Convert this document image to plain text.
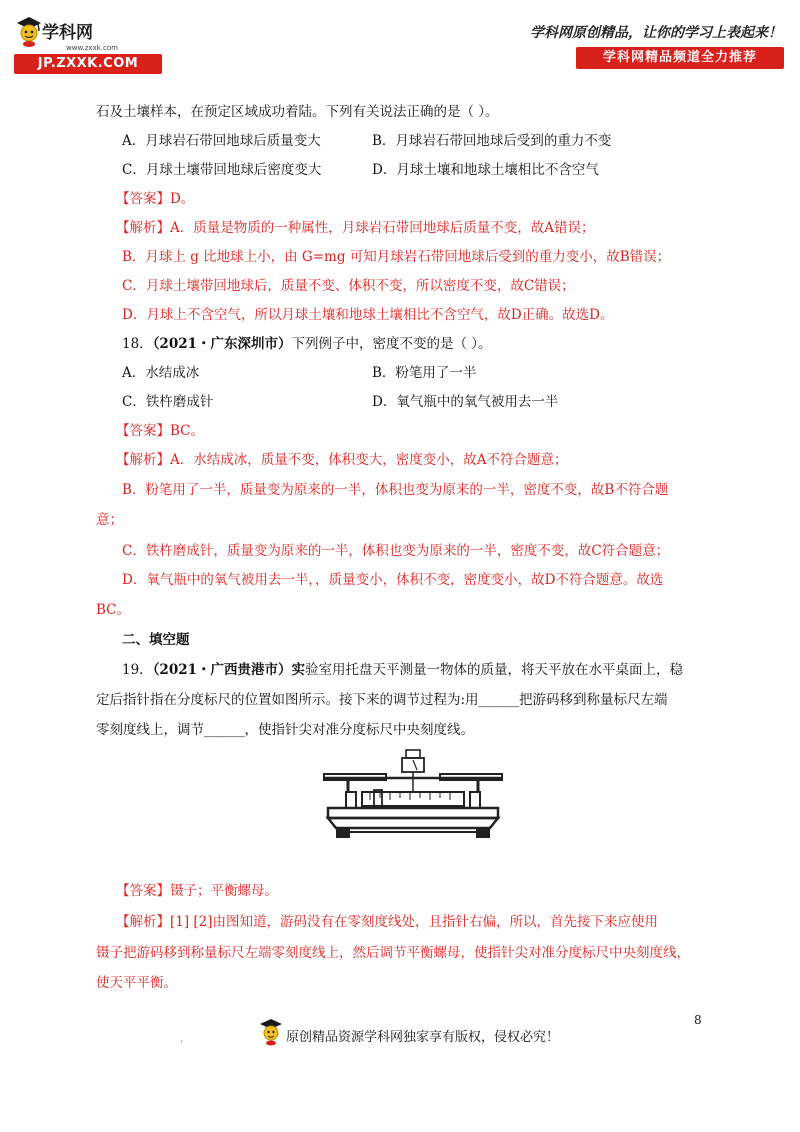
学科网
www.zxxk.com
JP.ZXXK.COM
学科网原创精品，让你的学习上表起来！
学科网精品频道全力推荐
石及土壤样本，在预定区域成功着陆。下列有关说法正确的是（ ）。
A．月球岩石带回地球后质量变大	B．月球岩石带回地球后受到的重力不变
C．月球土壤带回地球后密度变大	D．月球土壤和地球土壤相比不含空气
【答案】D。
【解析】A．质量是物质的一种属性，月球岩石带回地球后质量不变，故A错误；
B．月球上 g 比地球上小，由 G=mg 可知月球岩石带回地球后受到的重力变小，故B错误；
C．月球土壤带回地球后，质量不变、体积不变，所以密度不变，故C错误；
D．月球上不含空气，所以月球土壤和地球土壤相比不含空气，故D正确。故选D。
18．（2021・广东深圳市）下列例子中，密度不变的是（ ）。
A．水结成冰	B．粉笔用了一半
C．铁杵磨成针	D．氧气瓶中的氧气被用去一半
【答案】BC。
【解析】A．水结成冰，质量不变，体积变大，密度变小，故A不符合题意；
B．粉笔用了一半，质量变为原来的一半，体积也变为原来的一半，密度不变，故B不符合题
意；
C．铁杵磨成针，质量变为原来的一半，体积也变为原来的一半，密度不变，故C符合题意；
D．氧气瓶中的氧气被用去一半，，质量变小，体积不变，密度变小，故D不符合题意。故选
BC。
二、填空题
19．（2021・广西贵港市）实验室用托盘天平测量一物体的质量，将天平放在水平桌面上，稳
定后指针指在分度标尺的位置如图所示。接下来的调节过程为:用______把游码移到称量标尺左端
零刻度线上，调节______，使指针尖对准分度标尺中央刻度线。
【答案】镊子；平衡螺母。
【解析】[1] [2]由图知道，游码没有在零刻度线处，且指针右偏，所以，首先接下来应使用
镊子把游码移到称量标尺左端零刻度线上，然后调节平衡螺母，使指针尖对准分度标尺中央刻度线，
使天平平衡。
8
.	原创精品资源学科网独家享有版权，侵权必究！
